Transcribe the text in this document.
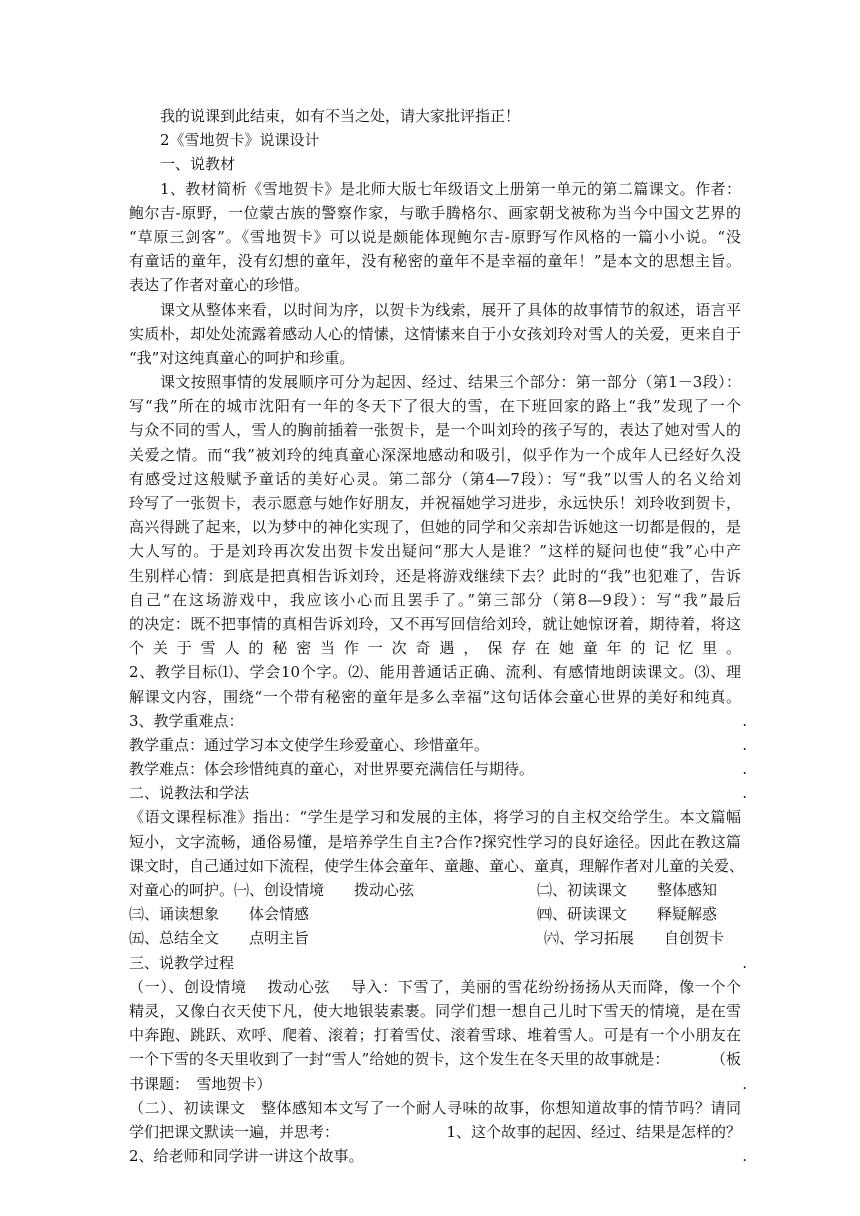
我的说课到此结束，如有不当之处，请大家批评指正！
2《雪地贺卡》说课设计
一、说教材
1、教材简析《雪地贺卡》是北师大版七年级语文上册第一单元的第二篇课文。作者：
鲍尔吉-原野，一位蒙古族的警察作家，与歌手腾格尔、画家朝戈被称为当今中国文艺界的
“草原三剑客”。《雪地贺卡》可以说是颇能体现鲍尔吉-原野写作风格的一篇小小说。“没
有童话的童年，没有幻想的童年，没有秘密的童年不是幸福的童年！”是本文的思想主旨。
表达了作者对童心的珍惜。
课文从整体来看，以时间为序，以贺卡为线索，展开了具体的故事情节的叙述，语言平
实质朴，却处处流露着感动人心的情愫，这情愫来自于小女孩刘玲对雪人的关爱，更来自于
“我”对这纯真童心的呵护和珍重。
课文按照事情的发展顺序可分为起因、经过、结果三个部分：第一部分（第1－3段）：
写“我”所在的城市沈阳有一年的冬天下了很大的雪，在下班回家的路上“我”发现了一个
与众不同的雪人，雪人的胸前插着一张贺卡，是一个叫刘玲的孩子写的，表达了她对雪人的
关爱之情。而“我”被刘玲的纯真童心深深地感动和吸引，似乎作为一个成年人已经好久没
有感受过这般赋予童话的美好心灵。第二部分（第4—7段）：写“我”以雪人的名义给刘
玲写了一张贺卡，表示愿意与她作好朋友，并祝福她学习进步，永远快乐！刘玲收到贺卡，
高兴得跳了起来，以为梦中的神化实现了，但她的同学和父亲却告诉她这一切都是假的，是
大人写的。于是刘玲再次发出贺卡发出疑问“那大人是谁？”这样的疑问也使“我”心中产
生别样心情：到底是把真相告诉刘玲，还是将游戏继续下去？此时的“我”也犯难了，告诉
自己“在这场游戏中，我应该小心而且罢手了。”第三部分（第8—9段）：写“我”最后
的决定：既不把事情的真相告诉刘玲，又不再写回信给刘玲，就让她惊讶着，期待着，将这
个关于雪人的秘密当作一次奇遇，保存在她童年的记忆里。
2、教学目标⑴、学会10个字。⑵、能用普通话正确、流利、有感情地朗读课文。⑶、理
解课文内容，围绕“一个带有秘密的童年是多么幸福”这句话体会童心世界的美好和纯真。
3、教学重难点： .
教学重点：通过学习本文使学生珍爱童心、珍惜童年。 .
教学难点：体会珍惜纯真的童心，对世界要充满信任与期待。 .
二、说教法和学法 .
《语文课程标准》指出：“学生是学习和发展的主体，将学习的自主权交给学生。本文篇幅
短小，文字流畅，通俗易懂，是培养学生自主?合作?探究性学习的良好途径。因此在教这篇
课文时，自己通过如下流程，使学生体会童年、童趣、童心、童真，理解作者对儿童的关爱、
对童心的呵护。㈠、创设情境　　拨动心弦	㈡、初读课文　　整体感知
㈢、诵读想象　　体会情感	㈣、研读课文　　释疑解惑
㈤、总结全文　　点明主旨	㈥、学习拓展　　自创贺卡
三、说教学过程 .
（一）、创设情境　 拨动心弦　 导入：下雪了，美丽的雪花纷纷扬扬从天而降，像一个个
精灵，又像白衣天使下凡，使大地银装素裹。同学们想一想自己儿时下雪天的情境，是在雪
中奔跑、跳跃、欢呼、爬着、滚着；打着雪仗、滚着雪球、堆着雪人。可是有一个小朋友在
一个下雪的冬天里收到了一封“雪人”给她的贺卡，这个发生在冬天里的故事就是：	（板
书课题：　雪地贺卡） .
（二）、初读课文　整体感知本文写了一个耐人寻味的故事，你想知道故事的情节吗？请同
学们把课文默读一遍，并思考：	1、这个故事的起因、经过、结果是怎样的？
2、给老师和同学讲一讲这个故事。 .
